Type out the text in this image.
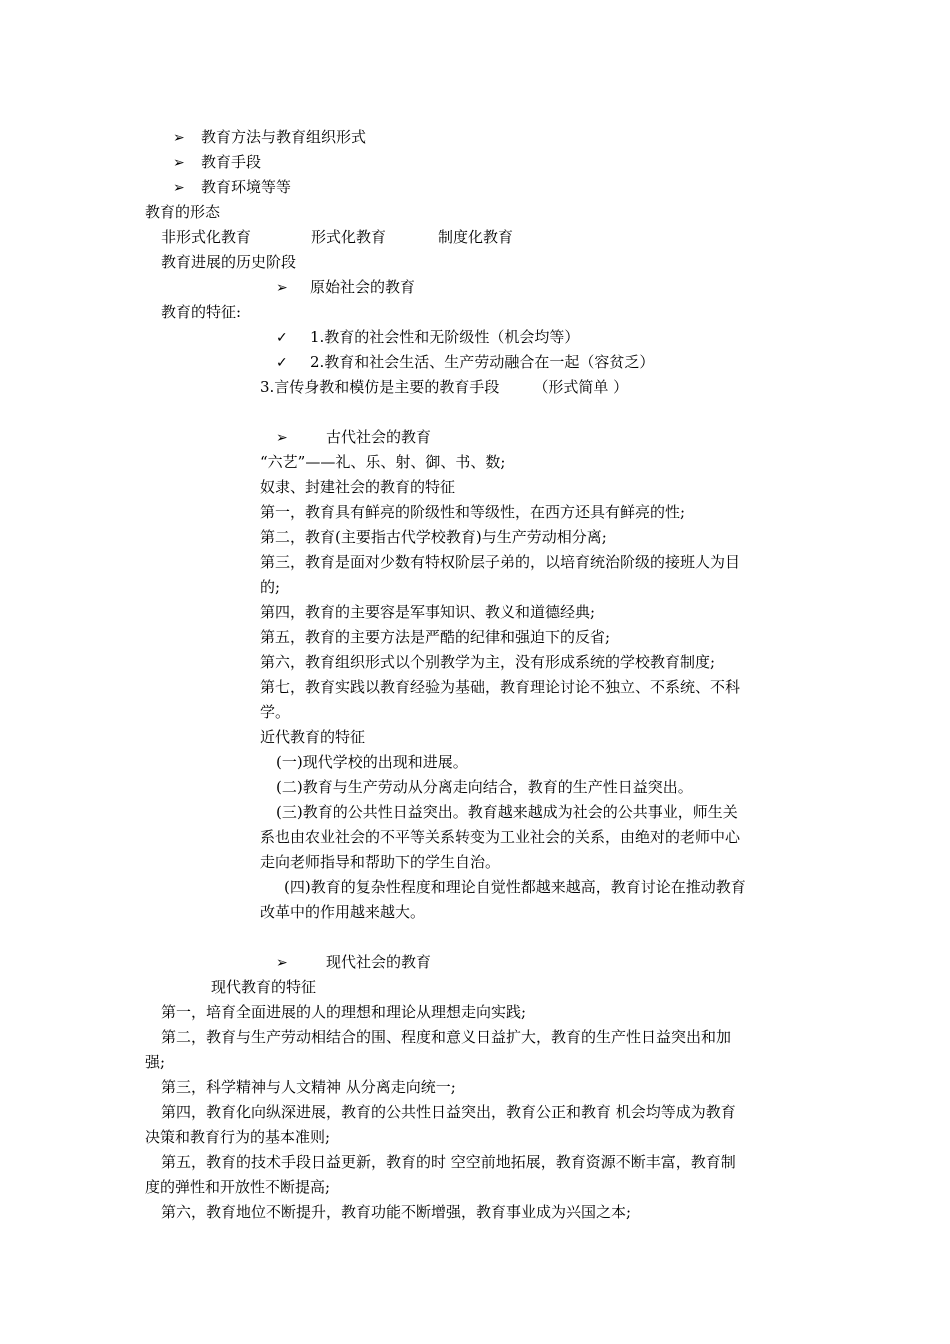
➢ 教育方法与教育组织形式
➢ 教育手段
➢ 教育环境等等
教育的形态
非形式化教育	形式化教育	制度化教育
教育进展的历史阶段
➢ 原始社会的教育
教育的特征:
✓ 1.教育的社会性和无阶级性（机会均等）
✓ 2.教育和社会生活、生产劳动融合在一起（容贫乏）
3.言传身教和模仿是主要的教育手段 （形式简单 ）
➢	古代社会的教育
“六艺”——礼、乐、射、御、书、数;
奴隶、封建社会的教育的特征
第一，教育具有鲜亮的阶级性和等级性，在西方还具有鲜亮的性;
第二，教育(主要指古代学校教育)与生产劳动相分离;
第三，教育是面对少数有特权阶层子弟的，以培育统治阶级的接班人为目
的;
第四，教育的主要容是军事知识、教义和道德经典;
第五，教育的主要方法是严酷的纪律和强迫下的反省;
第六，教育组织形式以个别教学为主，没有形成系统的学校教育制度;
第七，教育实践以教育经验为基础，教育理论讨论不独立、不系统、不科
学。
近代教育的特征
(一)现代学校的出现和进展。
(二)教育与生产劳动从分离走向结合，教育的生产性日益突出。
(三)教育的公共性日益突出。教育越来越成为社会的公共事业，师生关
系也由农业社会的不平等关系转变为工业社会的关系，由绝对的老师中心
走向老师指导和帮助下的学生自治。
(四)教育的复杂性程度和理论自觉性都越来越高，教育讨论在推动教育
改革中的作用越来越大。
➢	现代社会的教育
现代教育的特征
第一，培育全面进展的人的理想和理论从理想走向实践;
第二，教育与生产劳动相结合的围、程度和意义日益扩大，教育的生产性日益突出和加
强;
第三，科学精神与人文精神 从分离走向统一;
第四，教育化向纵深进展，教育的公共性日益突出，教育公正和教育 机会均等成为教育
决策和教育行为的基本准则;
第五，教育的技术手段日益更新，教育的时 空空前地拓展，教育资源不断丰富，教育制
度的弹性和开放性不断提高;
第六，教育地位不断提升，教育功能不断增强，教育事业成为兴国之本;
